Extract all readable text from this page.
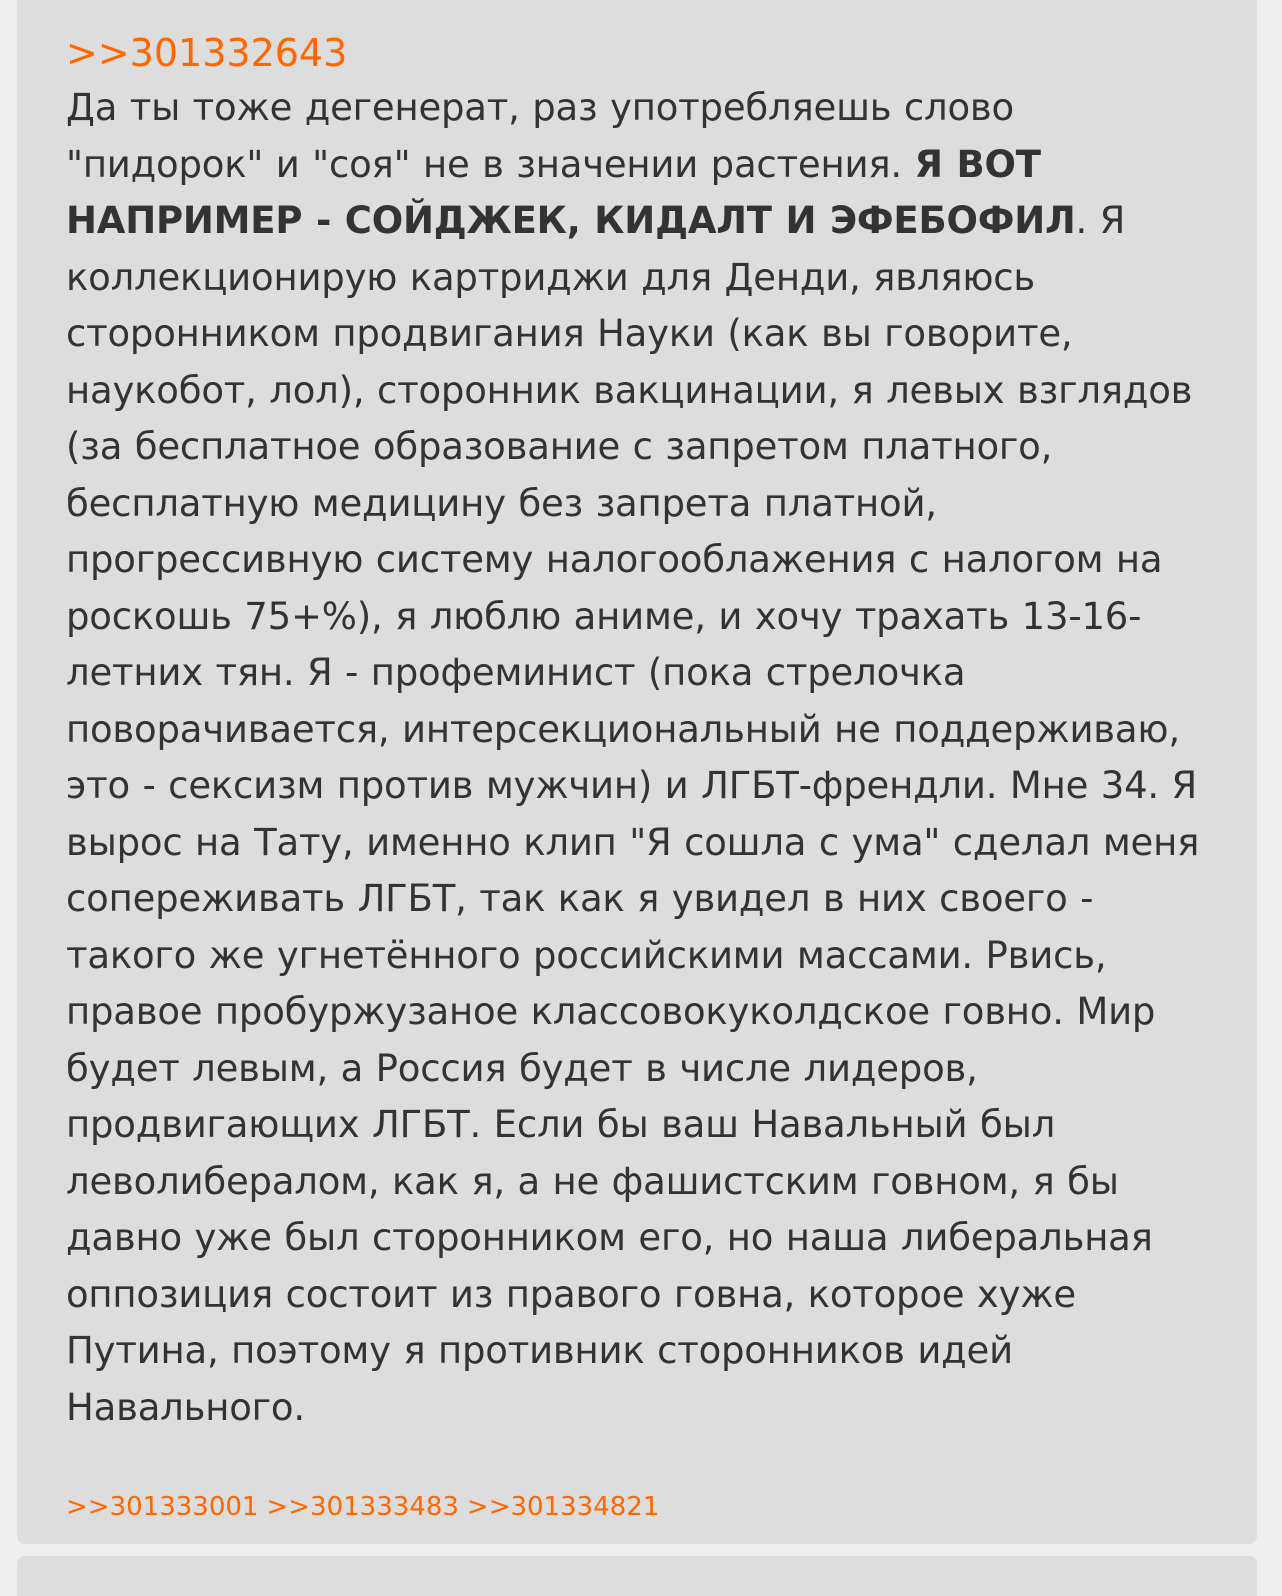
>>301332643
Да ты тоже дегенерат, раз употребляешь слово "пидорок" и "соя" не в значении растения. Я ВОТ НАПРИМЕР - СОЙДЖЕК, КИДАЛТ И ЭФЕБОФИЛ. Я коллекционирую картриджи для Денди, являюсь сторонником продвигания Науки (как вы говорите, наукобот, лол), сторонник вакцинации, я левых взглядов (за бесплатное образование с запретом платного, бесплатную медицину без запрета платной, прогрессивную систему налогооблажения с налогом на роскошь 75+%), я люблю аниме, и хочу трахать 13-16-летних тян. Я - профеминист (пока стрелочка поворачивается, интерсекциональный не поддерживаю, это - сексизм против мужчин) и ЛГБТ-френдли. Мне 34. Я вырос на Тату, именно клип "Я сошла с ума" сделал меня сопереживать ЛГБТ, так как я увидел в них своего - такого же угнетённого российскими массами. Рвись, правое пробуржузаное классовокуколдское говно. Мир будет левым, а Россия будет в числе лидеров, продвигающих ЛГБТ. Если бы ваш Навальный был леволибералом, как я, а не фашистским говном, я бы давно уже был сторонником его, но наша либеральная оппозиция состоит из правого говна, которое хуже Путина, поэтому я противник сторонников идей Навального.
>>301333001 >>301333483 >>301334821
